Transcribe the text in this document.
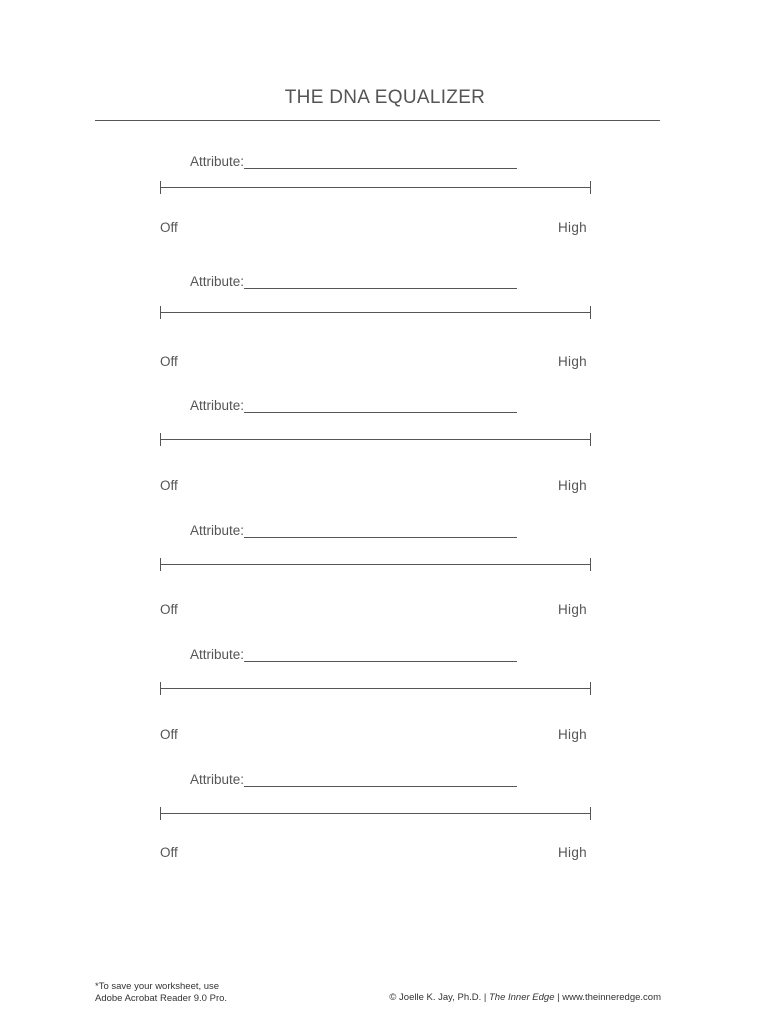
THE DNA EQUALIZER
Attribute:
Off	High
Attribute:
Off	High
Attribute:
Off	High
Attribute:
Off	High
Attribute:
Off	High
Attribute:
Off	High
*To save your worksheet, use
Adobe Acrobat Reader 9.0 Pro.	© Joelle K. Jay, Ph.D. | The Inner Edge | www.theinneredge.com
